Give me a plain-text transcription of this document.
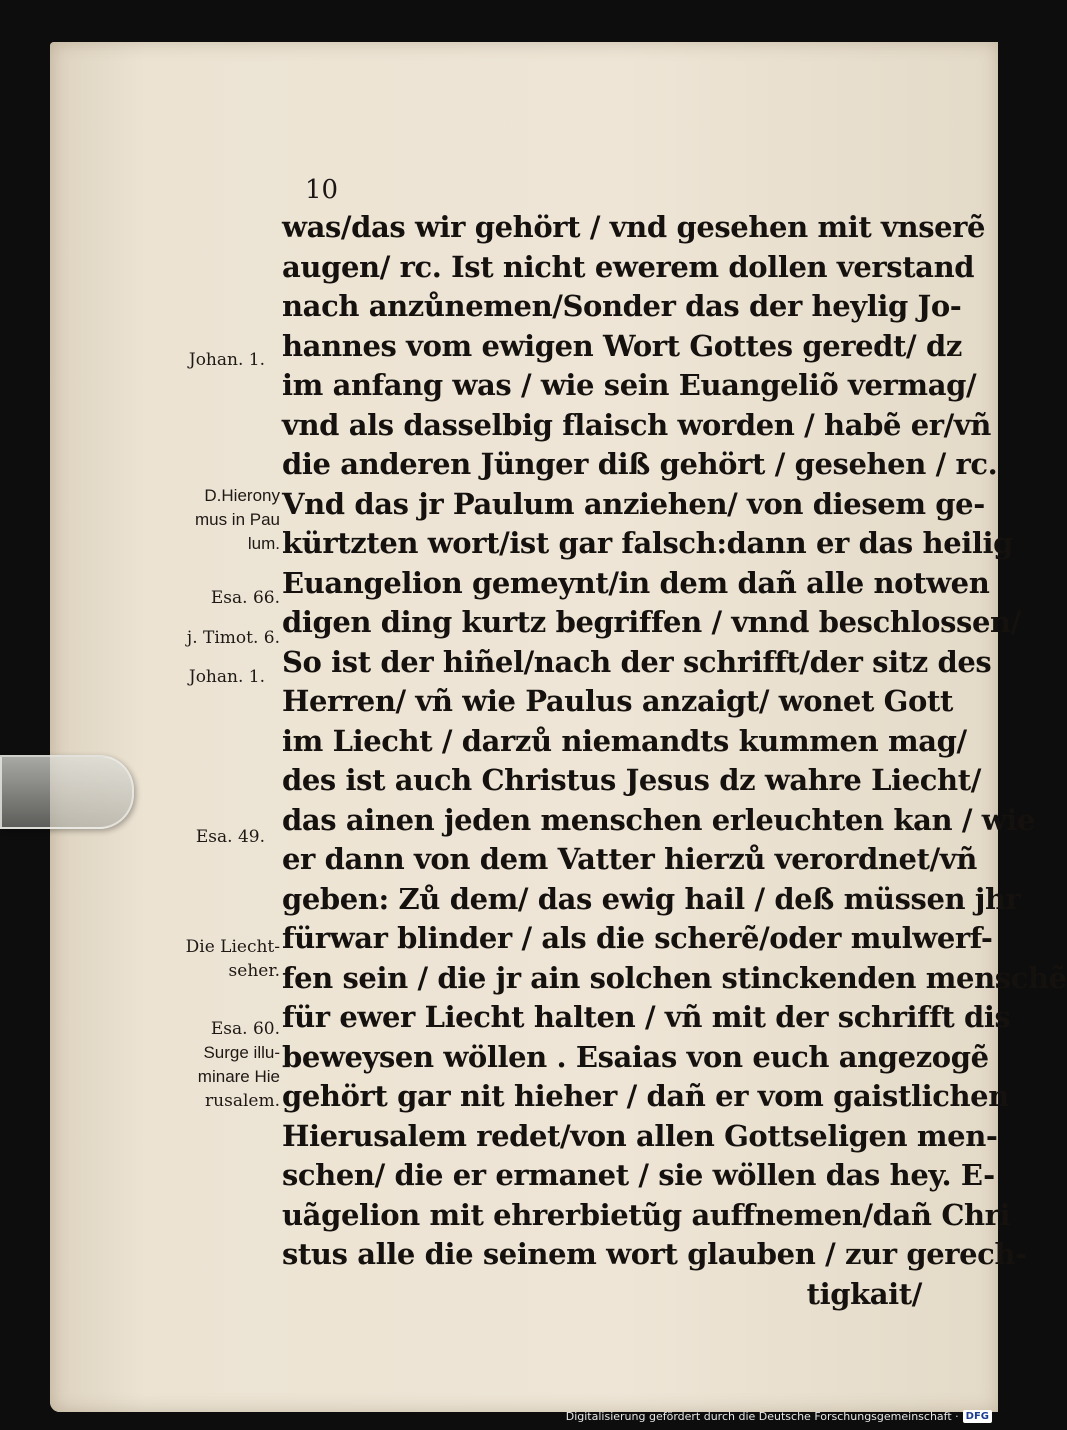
10
was/das wir gehört / vnd gesehen mit vnserẽ
augen/ rc. Ist nicht ewerem dollen verstand
nach anzůnemen/Sonder das der heylig Jo-
hannes vom ewigen Wort Gottes geredt/ dz
im anfang was / wie sein Euangeliõ vermag/
vnd als dasselbig flaisch worden / habẽ er/vñ
die anderen Jünger diß gehört / gesehen / rc.
Vnd das jr Paulum anziehen/ von diesem ge-
kürtzten wort/ist gar falsch:dann er das heilig
Euangelion gemeynt/in dem dañ alle notwen
digen ding kurtz begriffen / vnnd beschlossen/
So ist der hiñel/nach der schrifft/der sitz des
Herren/ vñ wie Paulus anzaigt/ wonet Gott
im Liecht / darzů niemandts kummen mag/
des ist auch Christus Jesus dz wahre Liecht/
das ainen jeden menschen erleuchten kan / wie
er dann von dem Vatter hierzů verordnet/vñ
geben: Zů dem/ das ewig hail / deß müssen jhr
fürwar blinder / als die scherẽ/oder mulwerf-
fen sein / die jr ain solchen stinckenden menschẽ
für ewer Liecht halten / vñ mit der schrifft dis
beweysen wöllen . Esaias von euch angezogẽ
gehört gar nit hieher / dañ er vom gaistlichen
Hierusalem redet/von allen Gottseligen men-
schen/ die er ermanet / sie wöllen das hey. E-
uãgelion mit ehrerbietũg auffnemen/dañ Chri
stus alle die seinem wort glauben / zur gerech-
tigkait/
Johan. 1.
D.Hierony
mus in Pau
lum.
Esa. 66.
j. Timot. 6.
Johan. 1.
Esa. 49.
Die Liecht-
seher.
Esa. 60.
Surge illu-
minare Hie
rusalem.
Digitalisierung gefördert durch die Deutsche Forschungsgemeinschaft · DFG
